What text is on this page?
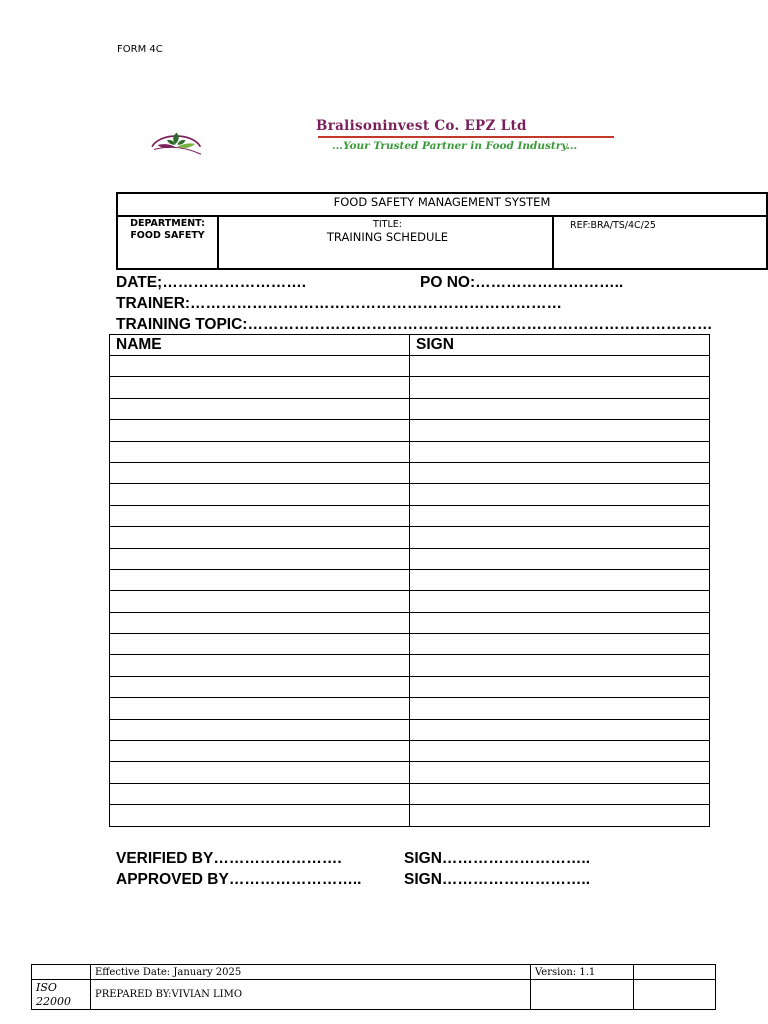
FORM 4C
Bralisoninvest Co. EPZ Ltd
...Your Trusted Partner in Food Industry...
FOOD SAFETY MANAGEMENT SYSTEM
DEPARTMENT:
FOOD SAFETY
TITLE:
TRAINING SCHEDULE
REF:BRA/TS/4C/25
DATE;……………………….	PO NO:………………………..
TRAINER:………………………………………………………………
TRAINING TOPIC:………………………………………………………………………………
NAME	SIGN

VERIFIED BY…………………….	SIGN………………………..
APPROVED BY……………………..	SIGN………………………..
	Effective Date: January 2025	Version: 1.1	
ISO 22000	PREPARED BY:VIVIAN LIMO		
